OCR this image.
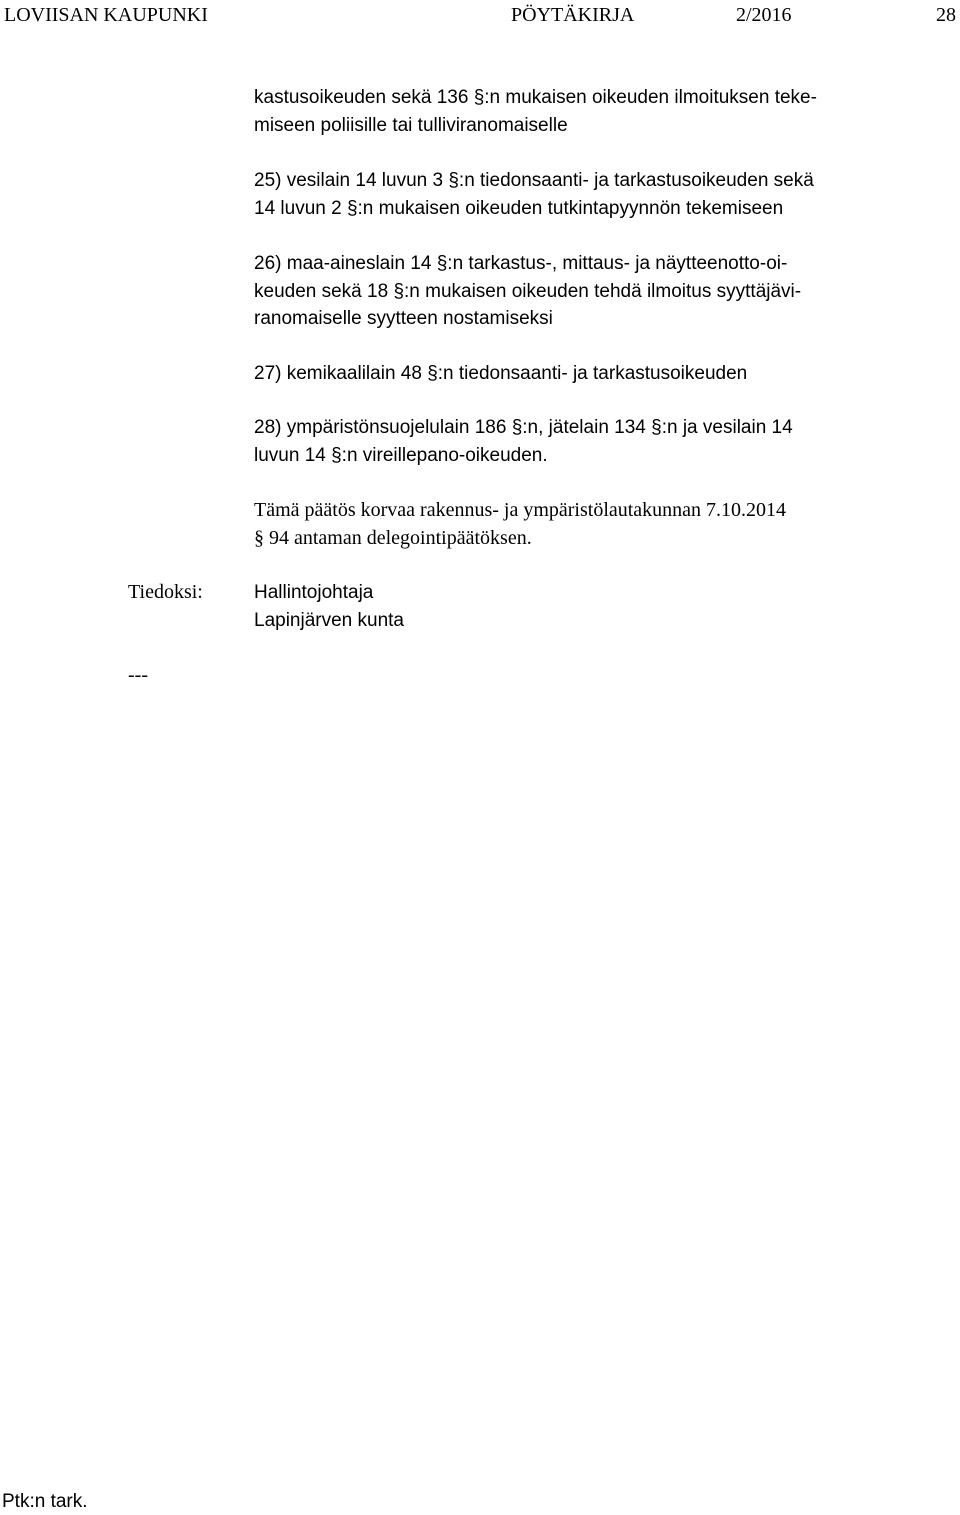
LOVIISAN KAUPUNKI	PÖYTÄKIRJA	2/2016	28
kastusoikeuden sekä 136 §:n mukaisen oikeuden ilmoituksen teke-
miseen poliisille tai tulliviranomaiselle
25) vesilain 14 luvun 3 §:n tiedonsaanti- ja tarkastusoikeuden sekä
14 luvun 2 §:n mukaisen oikeuden tutkintapyynnön tekemiseen
26) maa-aineslain 14 §:n tarkastus-, mittaus- ja näytteenotto-oi-
keuden sekä 18 §:n mukaisen oikeuden tehdä ilmoitus syyttäjävi-
ranomaiselle syytteen nostamiseksi
27) kemikaalilain 48 §:n tiedonsaanti- ja tarkastusoikeuden
28) ympäristönsuojelulain 186 §:n, jätelain 134 §:n ja vesilain 14
luvun 14 §:n vireillepano-oikeuden.
Tämä päätös korvaa rakennus- ja ympäristölautakunnan 7.10.2014
§ 94 antaman delegointipäätöksen.
Hallintojohtaja
Lapinjärven kunta
Tiedoksi:
---
Ptk:n tark.
